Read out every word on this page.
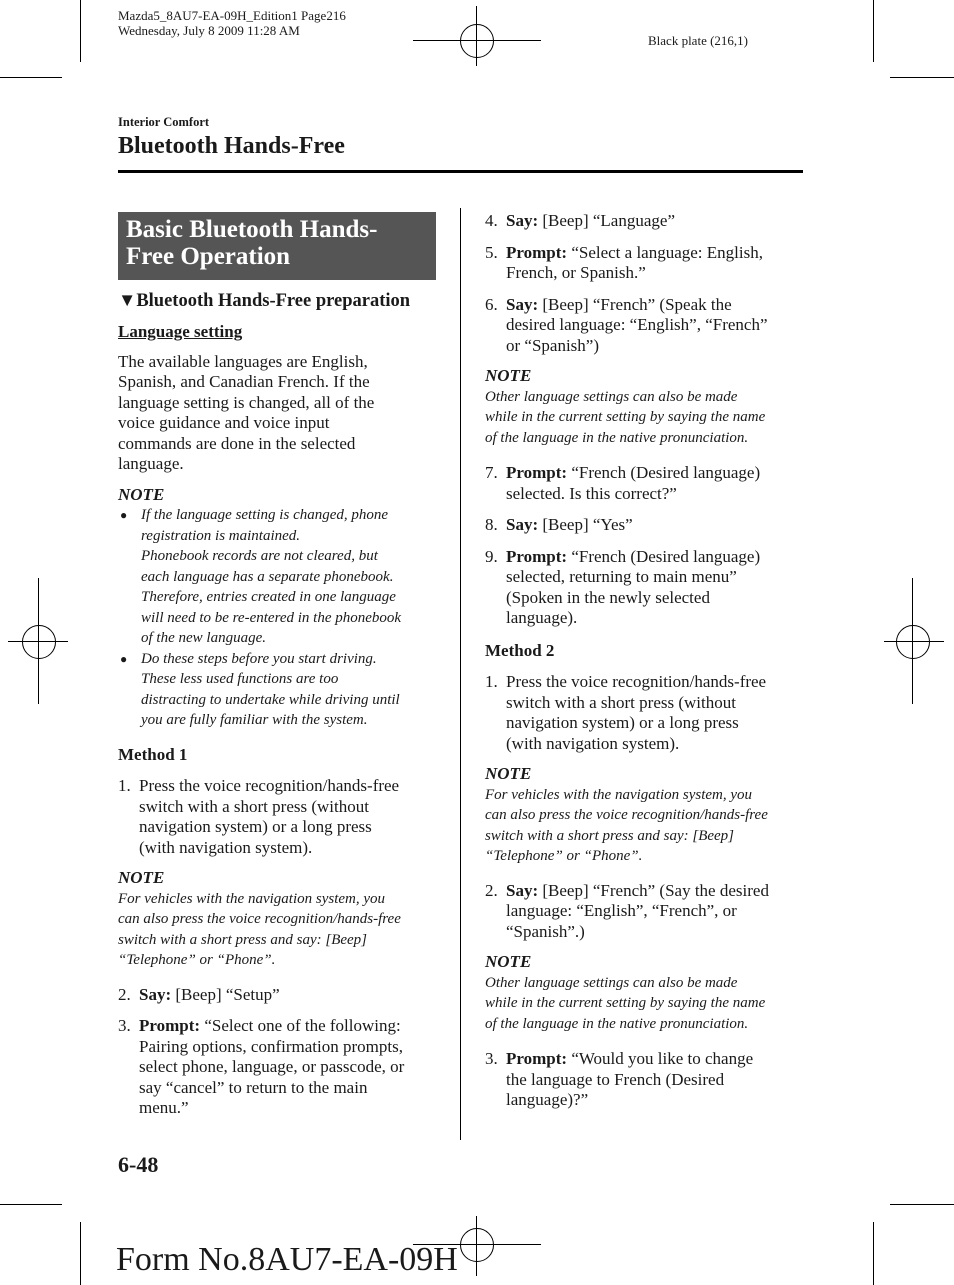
Mazda5_8AU7-EA-09H_Edition1 Page216
Wednesday, July 8 2009 11:28 AM
Black plate (216,1)
Interior Comfort
Bluetooth Hands-Free
Basic Bluetooth Hands-
Free Operation
▼Bluetooth Hands-Free preparation
Language setting
The available languages are English,
Spanish, and Canadian French. If the
language setting is changed, all of the
voice guidance and voice input
commands are done in the selected
language.
NOTE
● If the language setting is changed, phone
registration is maintained.
Phonebook records are not cleared, but
each language has a separate phonebook.
Therefore, entries created in one language
will need to be re-entered in the phonebook
of the new language.
● Do these steps before you start driving.
These less used functions are too
distracting to undertake while driving until
you are fully familiar with the system.
Method 1
1. Press the voice recognition/hands-free
switch with a short press (without
navigation system) or a long press
(with navigation system).
NOTE
For vehicles with the navigation system, you
can also press the voice recognition/hands-free
switch with a short press and say: [Beep]
“Telephone” or “Phone”.
2. Say: [Beep] “Setup”
3. Prompt: “Select one of the following:
Pairing options, confirmation prompts,
select phone, language, or passcode, or
say “cancel” to return to the main
menu.”
4. Say: [Beep] “Language”
5. Prompt: “Select a language: English,
French, or Spanish.”
6. Say: [Beep] “French” (Speak the
desired language: “English”, “French”
or “Spanish”)
NOTE
Other language settings can also be made
while in the current setting by saying the name
of the language in the native pronunciation.
7. Prompt: “French (Desired language)
selected. Is this correct?”
8. Say: [Beep] “Yes”
9. Prompt: “French (Desired language)
selected, returning to main menu”
(Spoken in the newly selected
language).
Method 2
1. Press the voice recognition/hands-free
switch with a short press (without
navigation system) or a long press
(with navigation system).
NOTE
For vehicles with the navigation system, you
can also press the voice recognition/hands-free
switch with a short press and say: [Beep]
“Telephone” or “Phone”.
2. Say: [Beep] “French” (Say the desired
language: “English”, “French”, or
“Spanish”.)
NOTE
Other language settings can also be made
while in the current setting by saying the name
of the language in the native pronunciation.
3. Prompt: “Would you like to change
the language to French (Desired
language)?”
6-48
Form No.8AU7-EA-09H
